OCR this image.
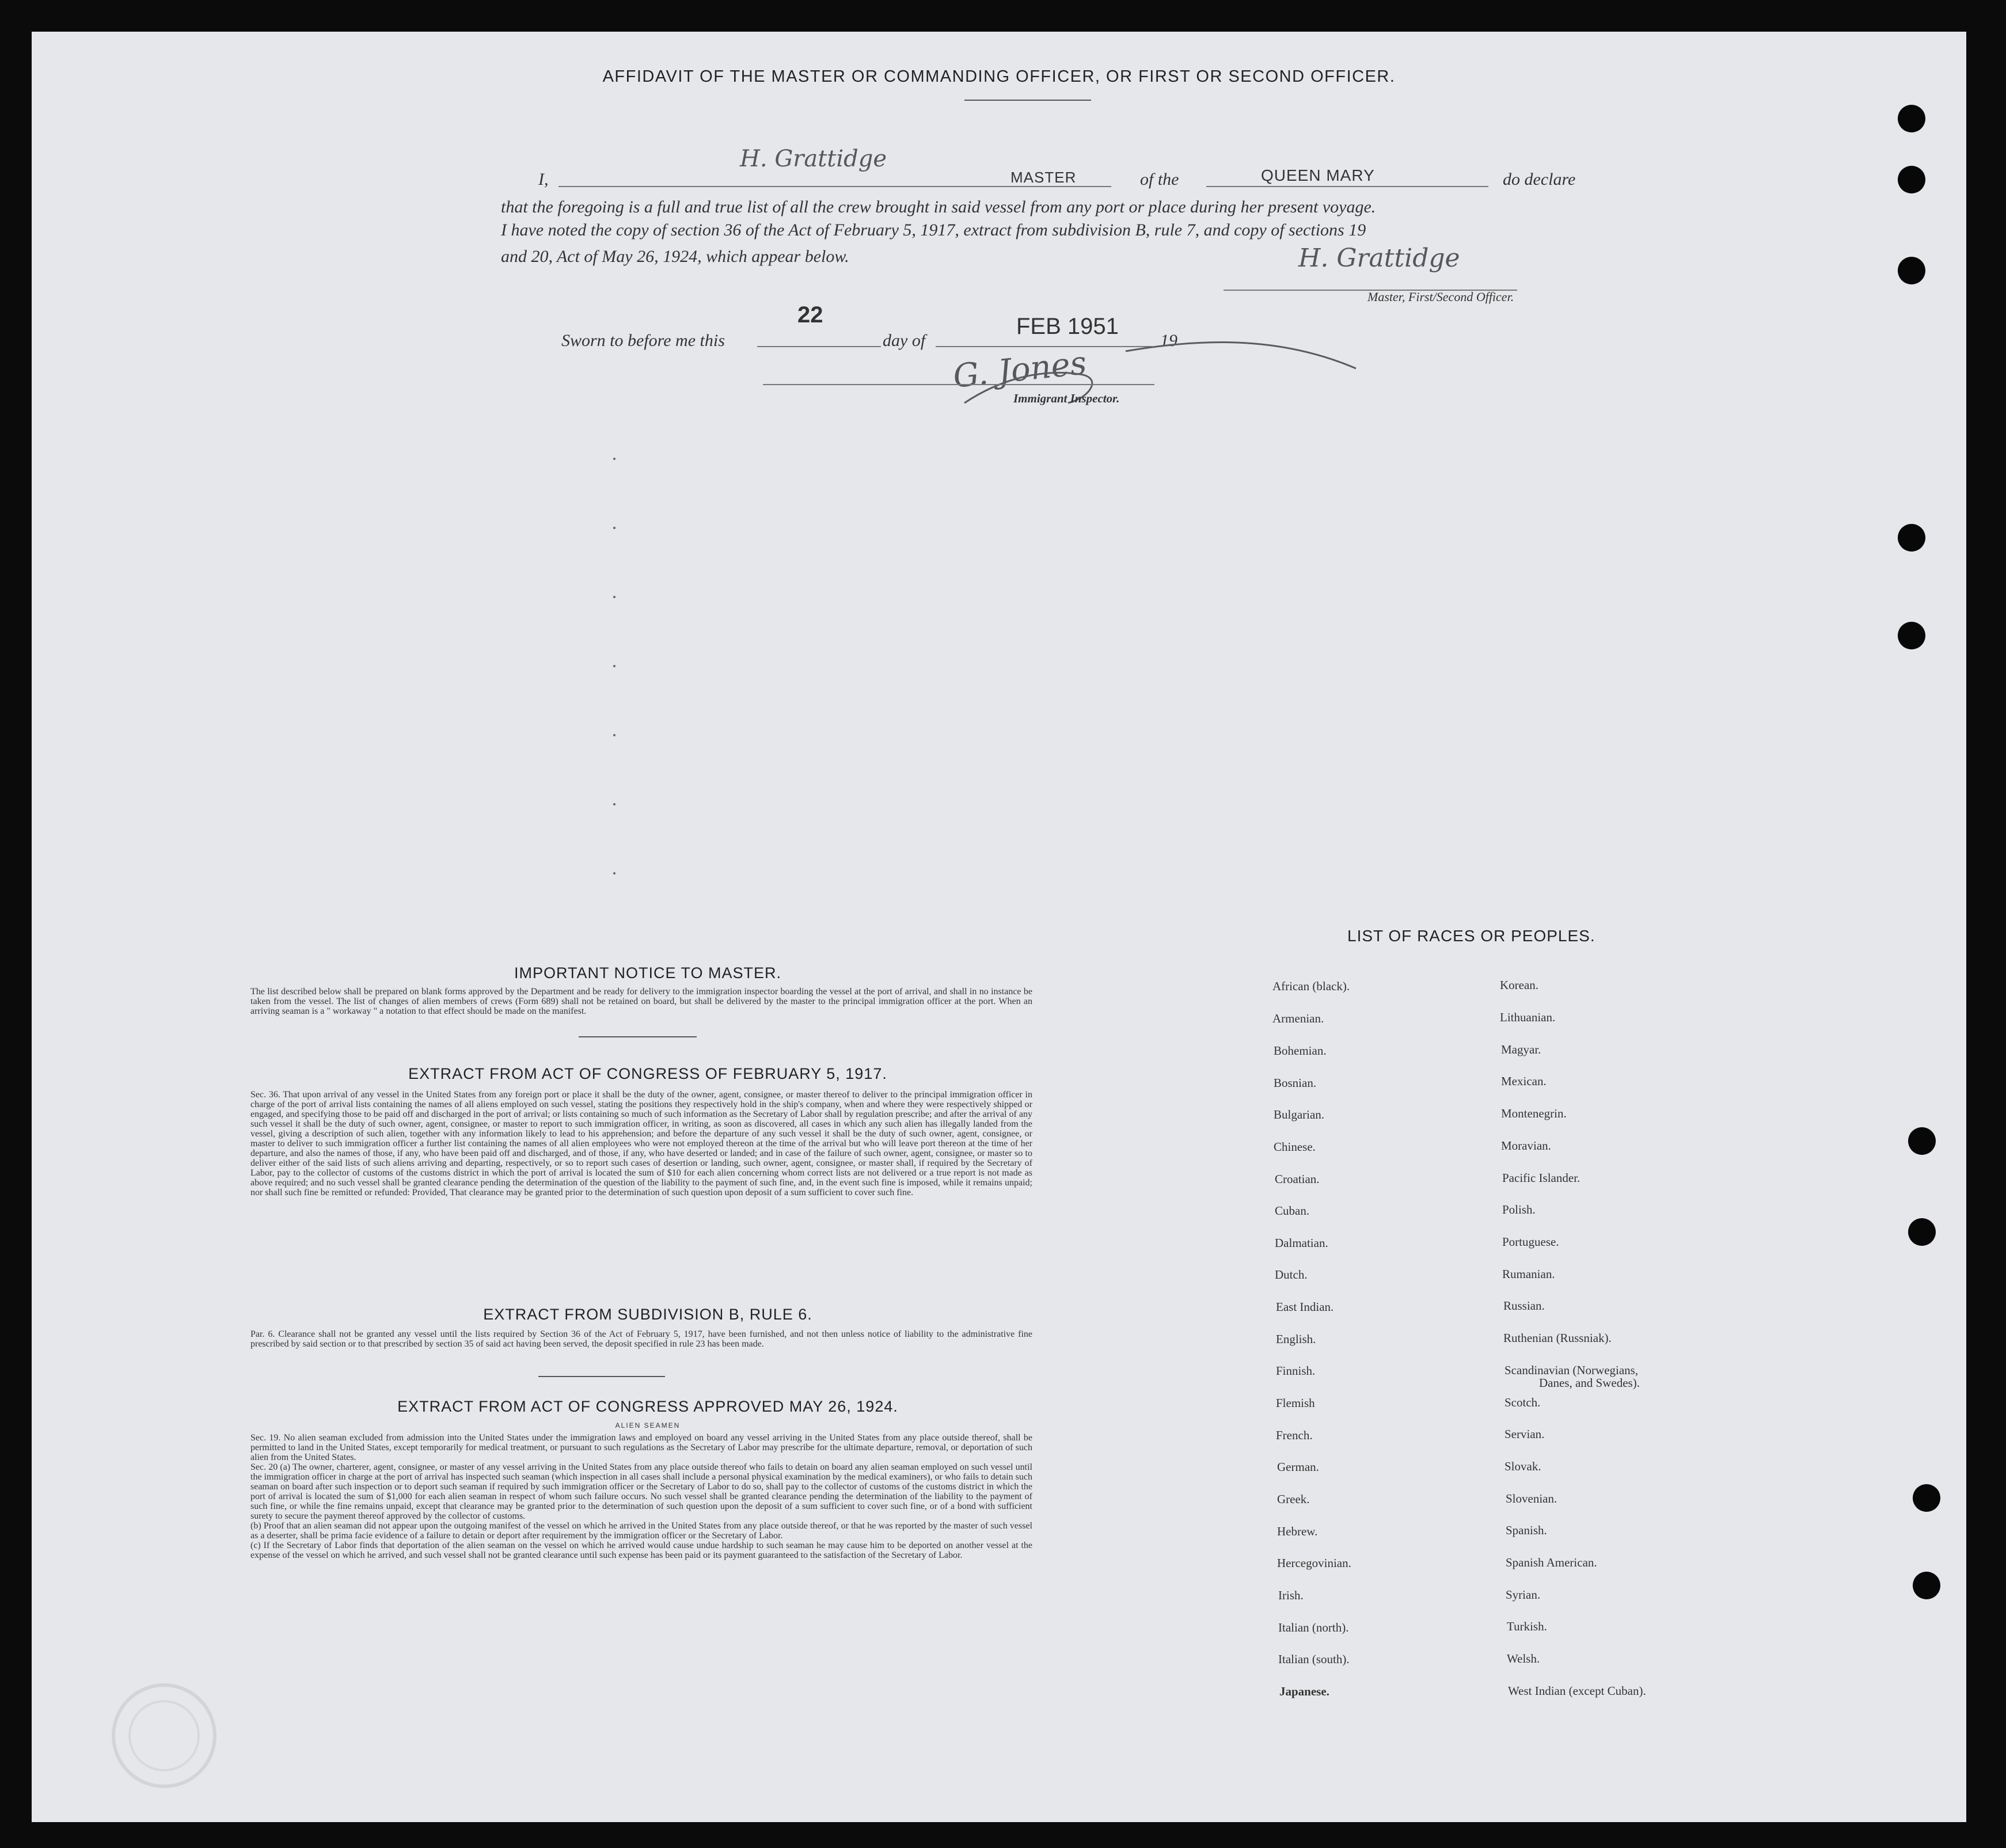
AFFIDAVIT OF THE MASTER OR COMMANDING OFFICER, OR FIRST OR SECOND OFFICER.
I,
H. Grattidge
MASTER	of the	QUEEN MARY	do declare
that the foregoing is a full and true list of all the crew brought in said vessel from any port or place during her present voyage.
I have noted the copy of section 36 of the Act of February 5, 1917, extract from subdivision B, rule 7, and copy of sections 19
and 20, Act of May 26, 1924, which appear below.	H. Grattidge
Master, First/Second Officer.
Sworn to before me this
22
day of
FEB 1951
19
G. Jones
Immigrant Inspector.
IMPORTANT NOTICE TO MASTER.
The list described below shall be prepared on blank forms approved by the Department and be ready for delivery to the immigration inspector boarding the vessel at the port of arrival, and shall in no instance be taken from the vessel. The list of changes of alien members of crews (Form 689) shall not be retained on board, but shall be delivered by the master to the principal immigration officer at the port. When an arriving seaman is a " workaway " a notation to that effect should be made on the manifest.
EXTRACT FROM ACT OF CONGRESS OF FEBRUARY 5, 1917.
Sec. 36. That upon arrival of any vessel in the United States from any foreign port or place it shall be the duty of the owner, agent, consignee, or master thereof to deliver to the principal immigration officer in charge of the port of arrival lists containing the names of all aliens employed on such vessel, stating the positions they respectively hold in the ship's company, when and where they were respectively shipped or engaged, and specifying those to be paid off and discharged in the port of arrival; or lists containing so much of such information as the Secretary of Labor shall by regulation prescribe; and after the arrival of any such vessel it shall be the duty of such owner, agent, consignee, or master to report to such immigration officer, in writing, as soon as discovered, all cases in which any such alien has illegally landed from the vessel, giving a description of such alien, together with any information likely to lead to his apprehension; and before the departure of any such vessel it shall be the duty of such owner, agent, consignee, or master to deliver to such immigration officer a further list containing the names of all alien employees who were not employed thereon at the time of the arrival but who will leave port thereon at the time of her departure, and also the names of those, if any, who have been paid off and discharged, and of those, if any, who have deserted or landed; and in case of the failure of such owner, agent, consignee, or master so to deliver either of the said lists of such aliens arriving and departing, respectively, or so to report such cases of desertion or landing, such owner, agent, consignee, or master shall, if required by the Secretary of Labor, pay to the collector of customs of the customs district in which the port of arrival is located the sum of $10 for each alien concerning whom correct lists are not delivered or a true report is not made as above required; and no such vessel shall be granted clearance pending the determination of the question of the liability to the payment of such fine, and, in the event such fine is imposed, while it remains unpaid; nor shall such fine be remitted or refunded: Provided, That clearance may be granted prior to the determination of such question upon deposit of a sum sufficient to cover such fine.
EXTRACT FROM SUBDIVISION B, RULE 6.
Par. 6. Clearance shall not be granted any vessel until the lists required by Section 36 of the Act of February 5, 1917, have been furnished, and not then unless notice of liability to the administrative fine prescribed by said section or to that prescribed by section 35 of said act having been served, the deposit specified in rule 23 has been made.
EXTRACT FROM ACT OF CONGRESS APPROVED MAY 26, 1924.
ALIEN SEAMEN
Sec. 19. No alien seaman excluded from admission into the United States under the immigration laws and employed on board any vessel arriving in the United States from any place outside thereof, shall be permitted to land in the United States, except temporarily for medical treatment, or pursuant to such regulations as the Secretary of Labor may prescribe for the ultimate departure, removal, or deportation of such alien from the United States.
Sec. 20 (a) The owner, charterer, agent, consignee, or master of any vessel arriving in the United States from any place outside thereof who fails to detain on board any alien seaman employed on such vessel until the immigration officer in charge at the port of arrival has inspected such seaman (which inspection in all cases shall include a personal physical examination by the medical examiners), or who fails to detain such seaman on board after such inspection or to deport such seaman if required by such immigration officer or the Secretary of Labor to do so, shall pay to the collector of customs of the customs district in which the port of arrival is located the sum of $1,000 for each alien seaman in respect of whom such failure occurs. No such vessel shall be granted clearance pending the determination of the liability to the payment of such fine, or while the fine remains unpaid, except that clearance may be granted prior to the determination of such question upon the deposit of a sum sufficient to cover such fine, or of a bond with sufficient surety to secure the payment thereof approved by the collector of customs.
(b) Proof that an alien seaman did not appear upon the outgoing manifest of the vessel on which he arrived in the United States from any place outside thereof, or that he was reported by the master of such vessel as a deserter, shall be prima facie evidence of a failure to detain or deport after requirement by the immigration officer or the Secretary of Labor.
(c) If the Secretary of Labor finds that deportation of the alien seaman on the vessel on which he arrived would cause undue hardship to such seaman he may cause him to be deported on another vessel at the expense of the vessel on which he arrived, and such vessel shall not be granted clearance until such expense has been paid or its payment guaranteed to the satisfaction of the Secretary of Labor.
LIST OF RACES OR PEOPLES.
African (black).
Armenian.
Bohemian.
Bosnian.
Bulgarian.
Chinese.
Croatian.
Cuban.
Dalmatian.
Dutch.
East Indian.
English.
Finnish.
Flemish
French.
German.
Greek.
Hebrew.
Hercegovinian.
Irish.
Italian (north).
Italian (south).
Japanese.
Korean.
Lithuanian.
Magyar.
Mexican.
Montenegrin.
Moravian.
Pacific Islander.
Polish.
Portuguese.
Rumanian.
Russian.
Ruthenian (Russniak).
Scandinavian (Norwegians,
Danes, and Swedes).
Scotch.
Servian.
Slovak.
Slovenian.
Spanish.
Spanish American.
Syrian.
Turkish.
Welsh.
West Indian (except Cuban).
